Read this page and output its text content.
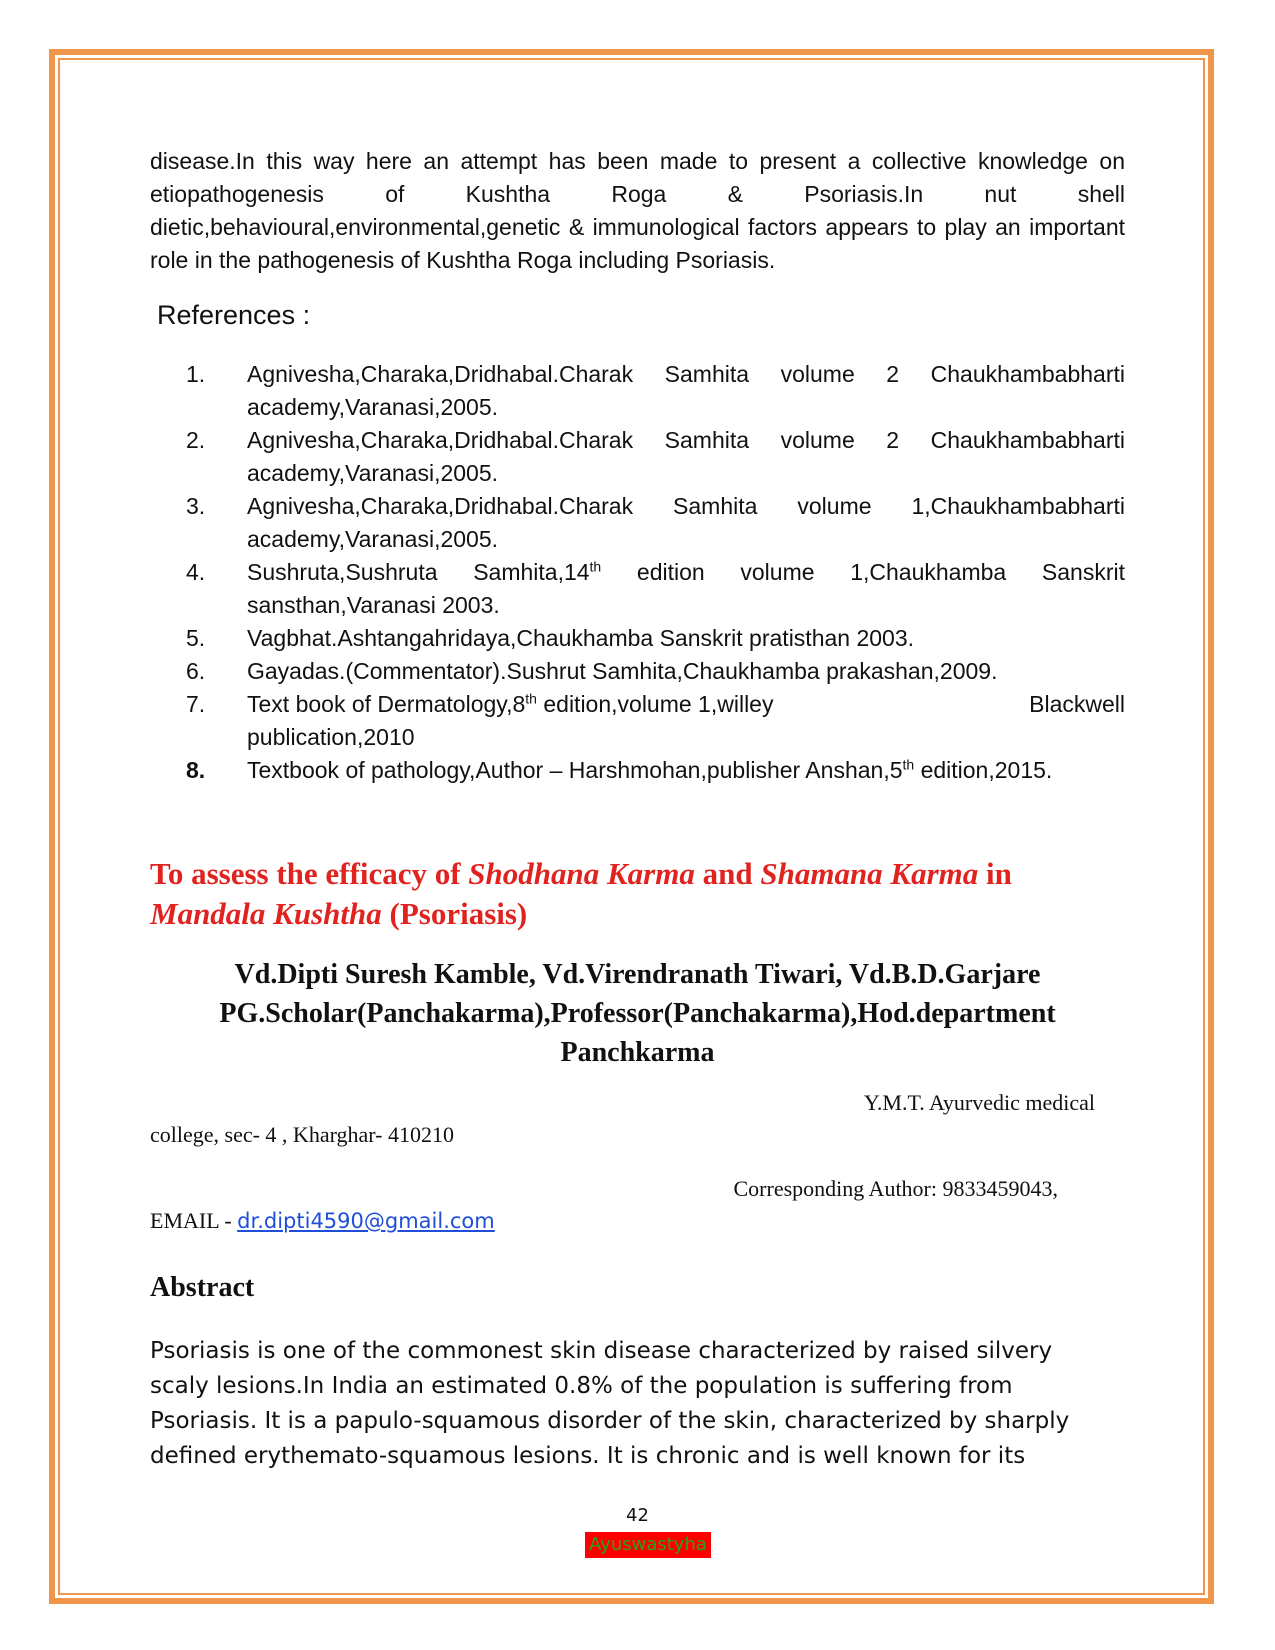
disease.In this way here an attempt has been made to present a collective knowledge on etiopathogenesis of Kushtha Roga & Psoriasis.In nut shell dietic,behavioural,environmental,genetic & immunological factors appears to play an important role in the pathogenesis of Kushtha Roga including Psoriasis.

References :
1. Agnivesha,Charaka,Dridhabal.Charak Samhita volume 2 Chaukhambabharti academy,Varanasi,2005.
2. Agnivesha,Charaka,Dridhabal.Charak Samhita volume 2 Chaukhambabharti academy,Varanasi,2005.
3. Agnivesha,Charaka,Dridhabal.Charak Samhita volume 1,Chaukhambabharti academy,Varanasi,2005.
4. Sushruta,Sushruta Samhita,14th edition volume 1,Chaukhamba Sanskrit sansthan,Varanasi 2003.
5. Vagbhat.Ashtangahridaya,Chaukhamba Sanskrit pratisthan 2003.
6. Gayadas.(Commentator).Sushrut Samhita,Chaukhamba prakashan,2009.
7. Text book of Dermatology,8th edition,volume 1,willey	Blackwell
publication,2010
8. Textbook of pathology,Author – Harshmohan,publisher Anshan,5th edition,2015.
To assess the efficacy of Shodhana Karma and Shamana Karma in
Mandala Kushtha (Psoriasis)
Vd.Dipti Suresh Kamble, Vd.Virendranath Tiwari, Vd.B.D.Garjare
PG.Scholar(Panchakarma),Professor(Panchakarma),Hod.department Panchkarma
Y.M.T. Ayurvedic medical
college, sec- 4 , Kharghar- 410210
Corresponding Author: 9833459043,
EMAIL - dr.dipti4590@gmail.com
Abstract

Psoriasis is one of the commonest skin disease characterized by raised silvery scaly lesions.In India an estimated 0.8% of the population is suffering from Psoriasis. It is a papulo-squamous disorder of the skin, characterized by sharply defined erythemato-squamous lesions. It is chronic and is well known for its

42
Ayuswastyha
